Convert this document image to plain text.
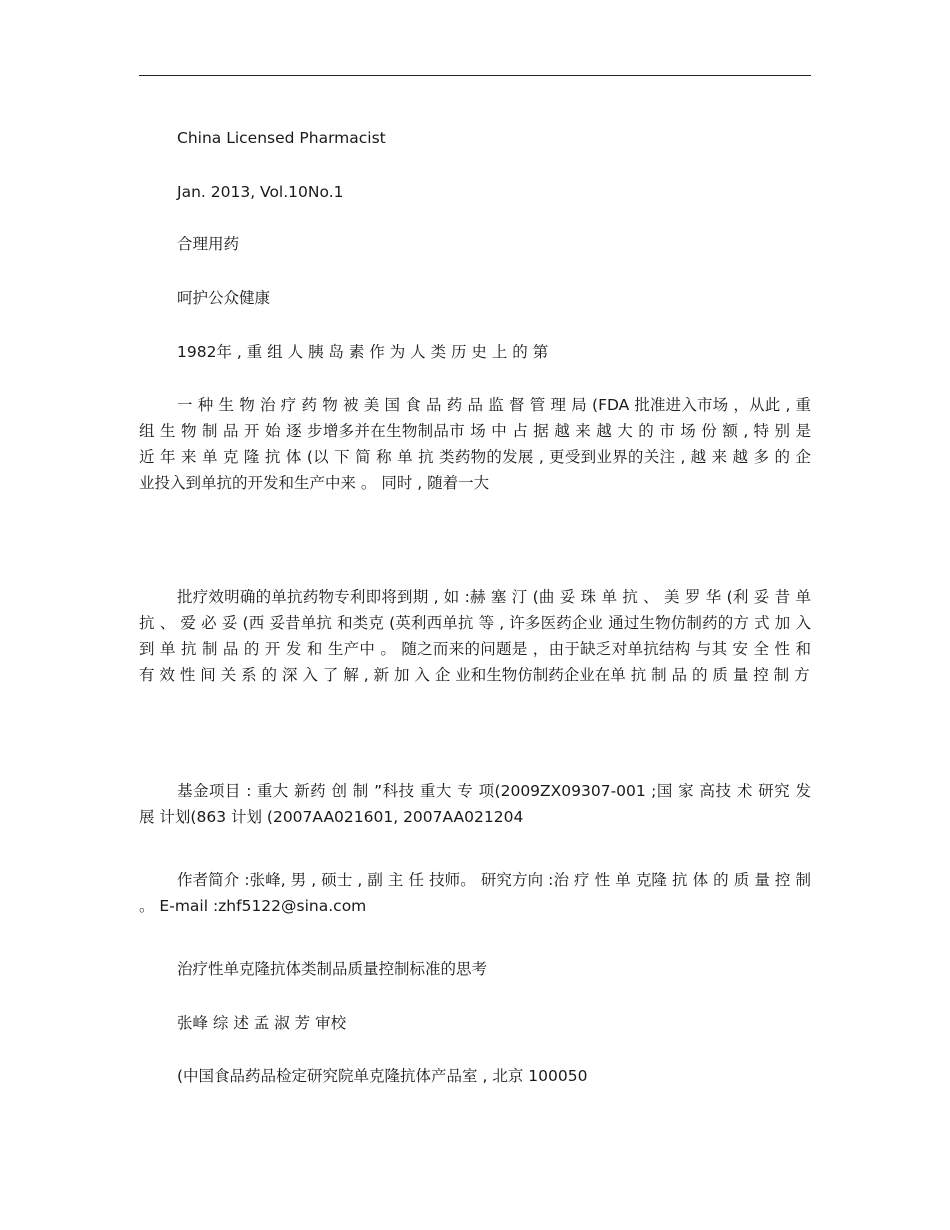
China Licensed Pharmacist
Jan. 2013, Vol.10No.1
合理用药
呵护公众健康
1982年 , 重 组 人 胰 岛 素 作 为 人 类 历 史 上 的 第

一 种 生 物 治 疗 药 物 被 美 国 食 品 药 品 监 督 管 理 局 (FDA 批准进入市场 ，从此 , 重 组 生 物 制 品 开 始 逐 步增多并在生物制品市 场 中 占 据 越 来 越 大 的 市 场 份 额 , 特 别 是 近 年 来 单 克 隆 抗 体 (以 下 简 称 单 抗 类药物的发展 , 更受到业界的关注 , 越 来 越 多 的 企 业投入到单抗的开发和生产中来 。 同时 , 随着一大

批疗效明确的单抗药物专利即将到期 , 如 :赫 塞 汀 (曲 妥 珠 单 抗 、 美 罗 华 (利 妥 昔 单 抗 、 爱 必 妥 (西 妥昔单抗 和类克 (英利西单抗 等 , 许多医药企业 通过生物仿制药的方 式 加 入 到 单 抗 制 品 的 开 发 和 生产中 。 随之而来的问题是 ，由于缺乏对单抗结构 与其 安 全 性 和 有 效 性 间 关 系 的 深 入 了 解 , 新 加 入 企 业和生物仿制药企业在单 抗 制 品 的 质 量 控 制 方

基金项目 : 重大 新药 创 制 ”科技 重大 专 项(2009ZX09307-001 ;国 家 高技 术 研究 发 展 计划(863 计划 (2007AA021601, 2007AA021204

作者简介 :张峰, 男 , 硕士 , 副 主 任 技师。 研究方向 :治 疗 性 单 克隆 抗 体 的 质 量 控 制 。 E-mail :zhf5122@sina.com

治疗性单克隆抗体类制品质量控制标准的思考
张峰 综 述 孟 淑 芳 审校
(中国食品药品检定研究院单克隆抗体产品室 , 北京 100050
